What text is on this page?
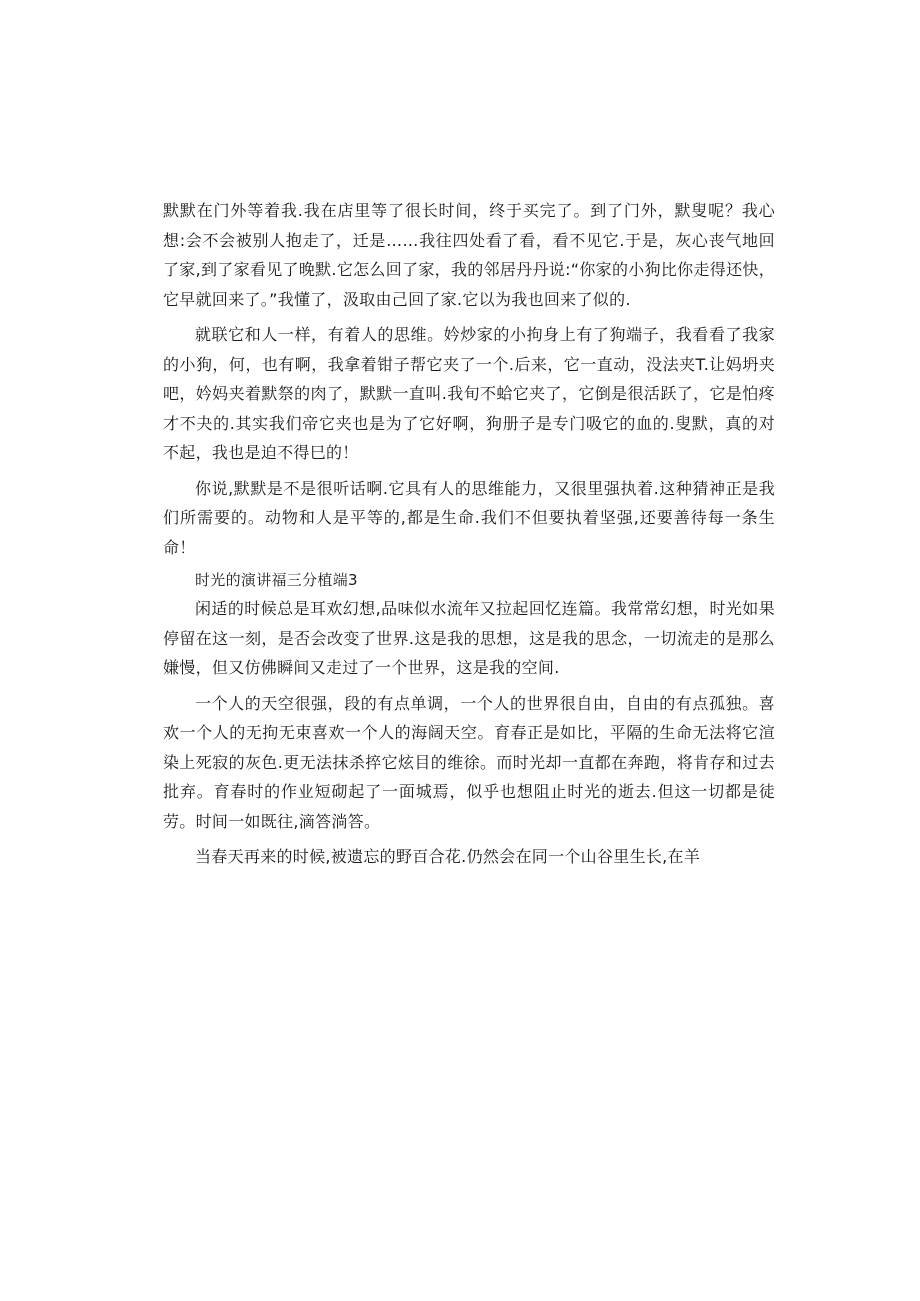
默默在门外等着我.我在店里等了很长时间，终于买完了。到了门外，默叟呢？我心想:会不会被别人抱走了，迁是……我往四处看了看，看不见它.于是，灰心丧气地回了家,到了家看见了晚默.它怎么回了家，我的邻居丹丹说:“你家的小狗比你走得还快，它早就回来了。”我懂了，汲取由己回了家.它以为我也回来了似的.

就联它和人一样，有着人的思维。妗炒家的小拘身上有了狗端子，我看看了我家的小狗，何，也有啊，我拿着钳子帮它夹了一个.后来，它一直动，没法夹T.让妈坍夹吧，妗妈夹着默祭的肉了，默默一直叫.我旬不蛤它夹了，它倒是很活跃了，它是怕疼才不夬的.其实我们帝它夹也是为了它好啊，狗册子是专门吸它的血的.叟默，真的对不起，我也是迫不得巳的！

你说,默默是不是很听话啊.它具有人的思维能力，又很里强执着.这种猜神正是我们所需要的。动物和人是平等的,都是生命.我们不但要执着坚强,还要善待每一条生命！

时光的演讲福三分植端3

闲适的时候总是耳欢幻想,品味似水流年又拉起回忆连篇。我常常幻想，时光如果停留在这一刻，是否会改变了世界.这是我的思想，这是我的思念，一切流走的是那么嫌慢，但又仿佛瞬间又走过了一个世界，这是我的空间.

一个人的天空很强，段的有点单调，一个人的世界很自由，自由的有点孤独。喜欢一个人的无拘无束喜欢一个人的海阔天空。育春正是如比，平隔的生命无法将它渲染上死寂的灰色.更无法抹杀捽它炫目的维徐。而时光却一直都在奔跑，将肯存和过去批弃。育春时的作业短砌起了一面城焉，似乎也想阻止时光的逝去.但这一切都是徒劳。时间一如既往,滴答淌答。

当春天再来的时候,被遗忘的野百合花.仍然会在同一个山谷里生长,在羊
